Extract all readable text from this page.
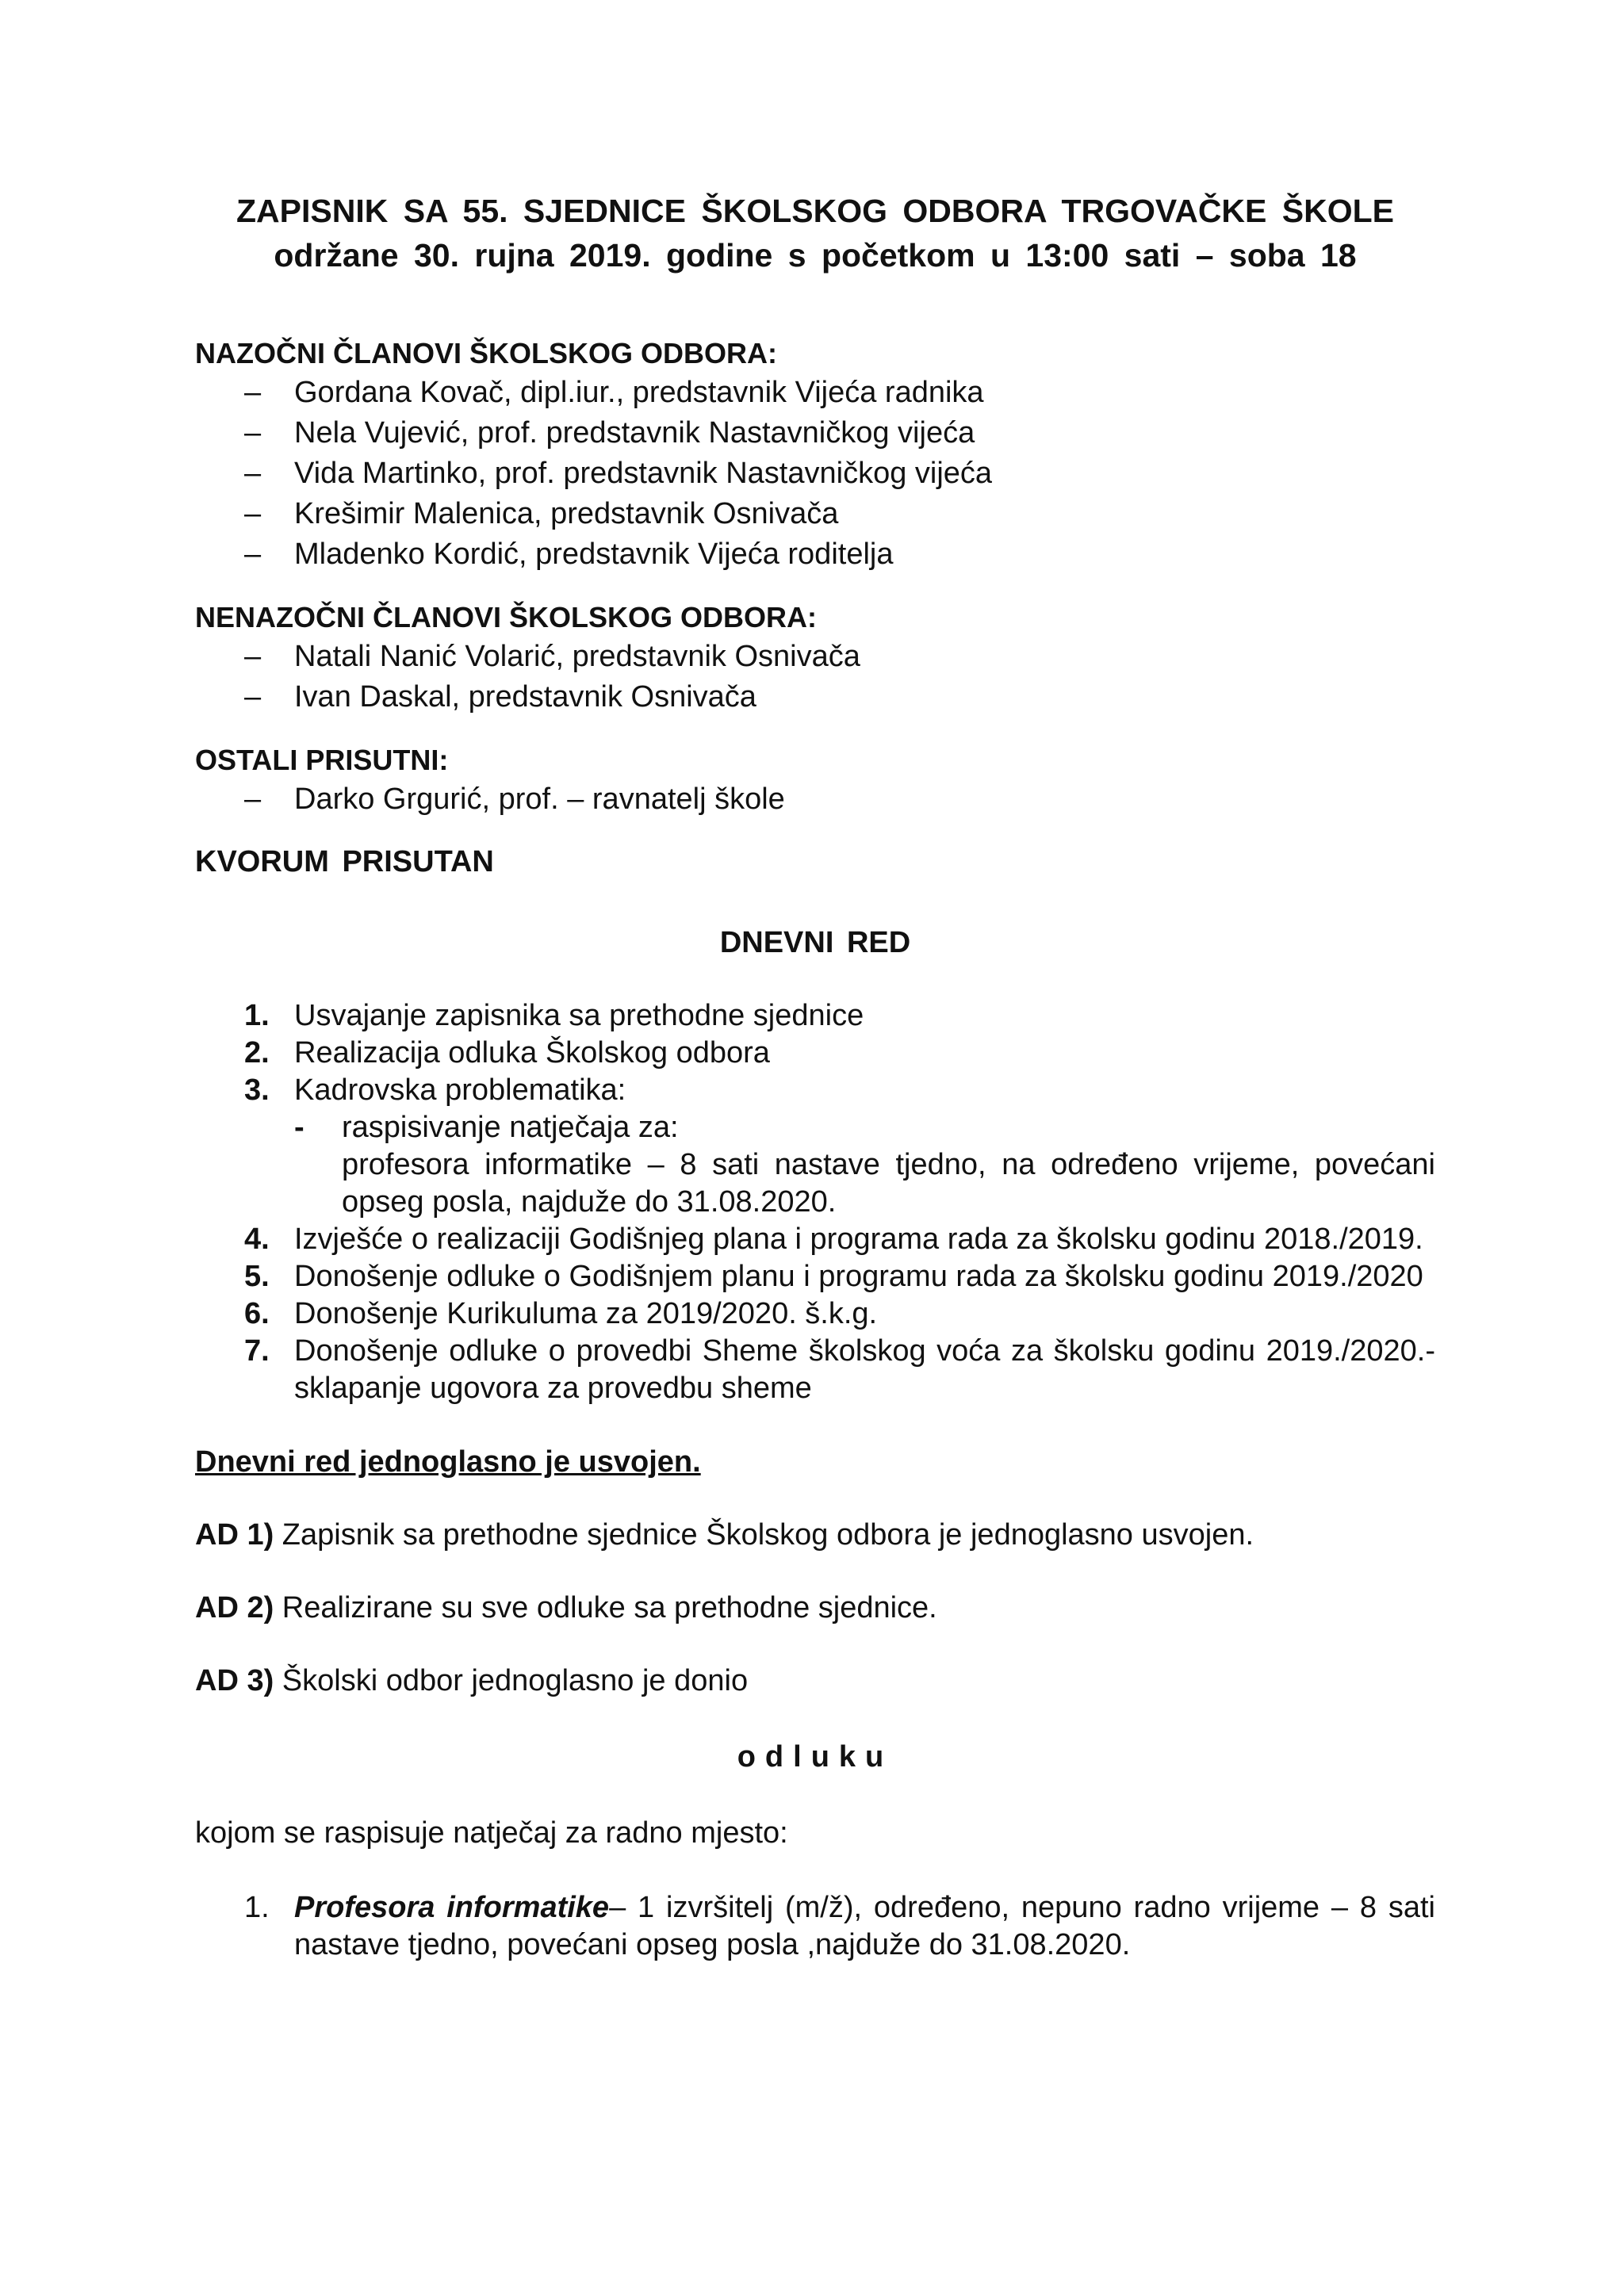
ZAPISNIK SA 55. SJEDNICE ŠKOLSKOG ODBORA TRGOVAČKE ŠKOLE
održane 30. rujna 2019. godine s početkom u 13:00 sati – soba 18
NAZOČNI ČLANOVI ŠKOLSKOG ODBORA:
– Gordana Kovač, dipl.iur., predstavnik Vijeća radnika
– Nela Vujević, prof. predstavnik Nastavničkog vijeća
– Vida Martinko, prof. predstavnik Nastavničkog vijeća
– Krešimir Malenica, predstavnik Osnivača
– Mladenko Kordić, predstavnik Vijeća roditelja
NENAZOČNI ČLANOVI ŠKOLSKOG ODBORA:
– Natali Nanić Volarić, predstavnik Osnivača
– Ivan Daskal, predstavnik Osnivača
OSTALI PRISUTNI:
– Darko Grgurić, prof. – ravnatelj škole
KVORUM PRISUTAN
DNEVNI RED
1. Usvajanje zapisnika sa prethodne sjednice
2. Realizacija odluka Školskog odbora
3. Kadrovska problematika:
- raspisivanje natječaja za:
profesora informatike – 8 sati nastave tjedno, na određeno vrijeme, povećani opseg posla, najduže do 31.08.2020.
4. Izvješće o realizaciji Godišnjeg plana i programa rada za školsku godinu 2018./2019.
5. Donošenje odluke o Godišnjem planu i programu rada za školsku godinu 2019./2020
6. Donošenje Kurikuluma za 2019/2020. š.k.g.
7. Donošenje odluke o provedbi Sheme školskog voća za školsku godinu 2019./2020.-sklapanje ugovora za provedbu sheme
Dnevni red jednoglasno je usvojen.
AD 1) Zapisnik sa prethodne sjednice Školskog odbora je jednoglasno usvojen.
AD 2) Realizirane su sve odluke sa prethodne sjednice.
AD 3) Školski odbor jednoglasno je donio
odluku
kojom se raspisuje natječaj za radno mjesto:
1. Profesora informatike– 1 izvršitelj (m/ž), određeno, nepuno radno vrijeme – 8 sati nastave tjedno, povećani opseg posla ,najduže do 31.08.2020.
